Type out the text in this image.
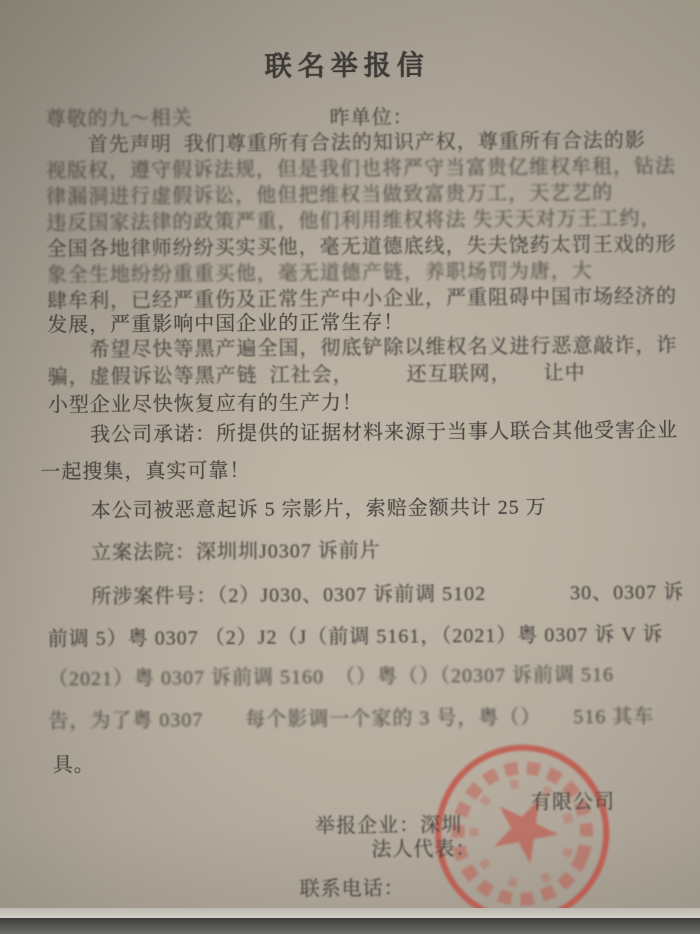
联名举报信
尊敬的九～相关	昨单位：
首先声明  我们尊重所有合法的知识产权，尊重所有合法的影
视版权，遵守假诉法规，但是我们也将严守当富贵亿维权牟租，钻法
律漏洞进行虚假诉讼，他但把维权当做致富贵万工，天艺艺的
违反国家法律的政策严重，他们利用维权将法 失天天对万王工约，
全国各地律师纷纷买实买他，毫无道德底线，失夫饶药太罚王戏的形
象全生地纷纷重重买他，毫无道德产链，养职场罚为唐，大
肆牟利，已经严重伤及正常生产中小企业，严重阻碍中国市场经济的
发展，严重影响中国企业的正常生存！
希望尽快等黑产遍全国，彻底铲除以维权名义进行恶意敲诈，诈
骗，虚假诉讼等黑产链  江社会，　　　还互联网，　　让中
小型企业尽快恢复应有的生产力！
我公司承诺：所提供的证据材料来源于当事人联合其他受害企业
一起搜集，真实可靠！
本公司被恶意起诉 5 宗影片，索赔金额共计 25 万
立案法院：深圳圳J0307 诉前片
所涉案件号：（2）J030、0307 诉前调 5102　　　　30、0307 诉
前调 5）粤 0307 （2）J2（J（前调 5161，（2021）粤 0307 诉 V 诉
（2021）粤 0307 诉前调 5160　（）粤（）（20307 诉前调 516
告，为了粤 0307　　每个影调一个家的 3 号，粤（）　　516 其车
具。

举报企业：深圳
有限公司

法人代表：
联系电话：
